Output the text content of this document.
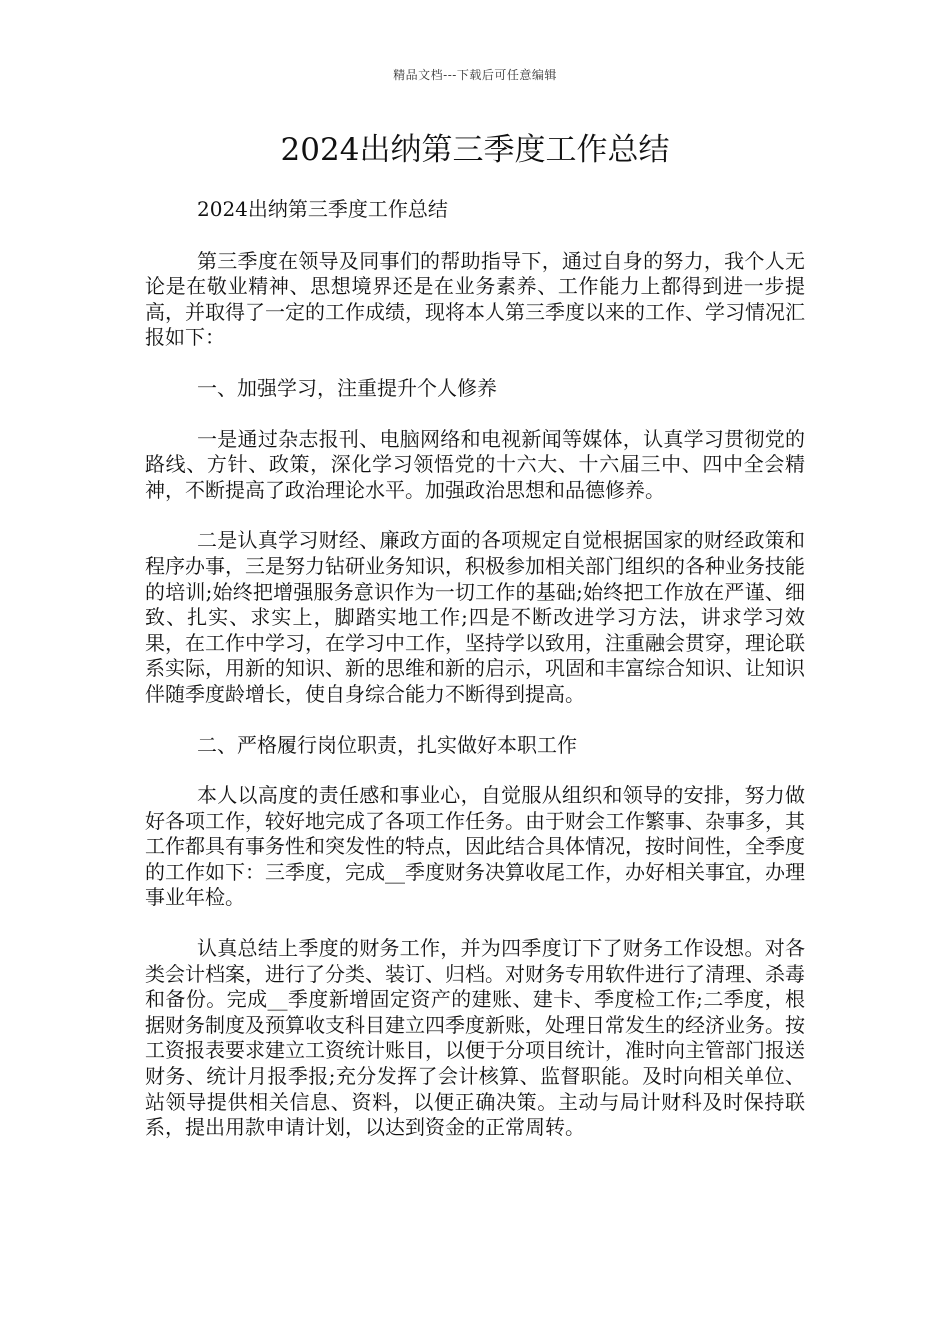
精品文档---下载后可任意编辑
2024出纳第三季度工作总结

2024出纳第三季度工作总结

第三季度在领导及同事们的帮助指导下，通过自身的努力，我个人无论是在敬业精神、思想境界还是在业务素养、工作能力上都得到进一步提高，并取得了一定的工作成绩，现将本人第三季度以来的工作、学习情况汇报如下：

一、加强学习，注重提升个人修养

一是通过杂志报刊、电脑网络和电视新闻等媒体，认真学习贯彻党的路线、方针、政策，深化学习领悟党的十六大、十六届三中、四中全会精神，不断提高了政治理论水平。加强政治思想和品德修养。

二是认真学习财经、廉政方面的各项规定自觉根据国家的财经政策和程序办事，三是努力钻研业务知识，积极参加相关部门组织的各种业务技能的培训;始终把增强服务意识作为一切工作的基础;始终把工作放在严谨、细致、扎实、求实上，脚踏实地工作;四是不断改进学习方法，讲求学习效果，在工作中学习，在学习中工作，坚持学以致用，注重融会贯穿，理论联系实际，用新的知识、新的思维和新的启示，巩固和丰富综合知识、让知识伴随季度龄增长，使自身综合能力不断得到提高。

二、严格履行岗位职责，扎实做好本职工作

本人以高度的责任感和事业心，自觉服从组织和领导的安排，努力做好各项工作，较好地完成了各项工作任务。由于财会工作繁事、杂事多，其工作都具有事务性和突发性的特点，因此结合具体情况，按时间性，全季度的工作如下：三季度，完成__季度财务决算收尾工作，办好相关事宜，办理事业年检。

认真总结上季度的财务工作，并为四季度订下了财务工作设想。对各类会计档案，进行了分类、装订、归档。对财务专用软件进行了清理、杀毒和备份。完成__季度新增固定资产的建账、建卡、季度检工作;二季度，根据财务制度及预算收支科目建立四季度新账，处理日常发生的经济业务。按工资报表要求建立工资统计账目，以便于分项目统计，准时向主管部门报送财务、统计月报季报;充分发挥了会计核算、监督职能。及时向相关单位、站领导提供相关信息、资料，以便正确决策。主动与局计财科及时保持联系，提出用款申请计划，以达到资金的正常周转。
